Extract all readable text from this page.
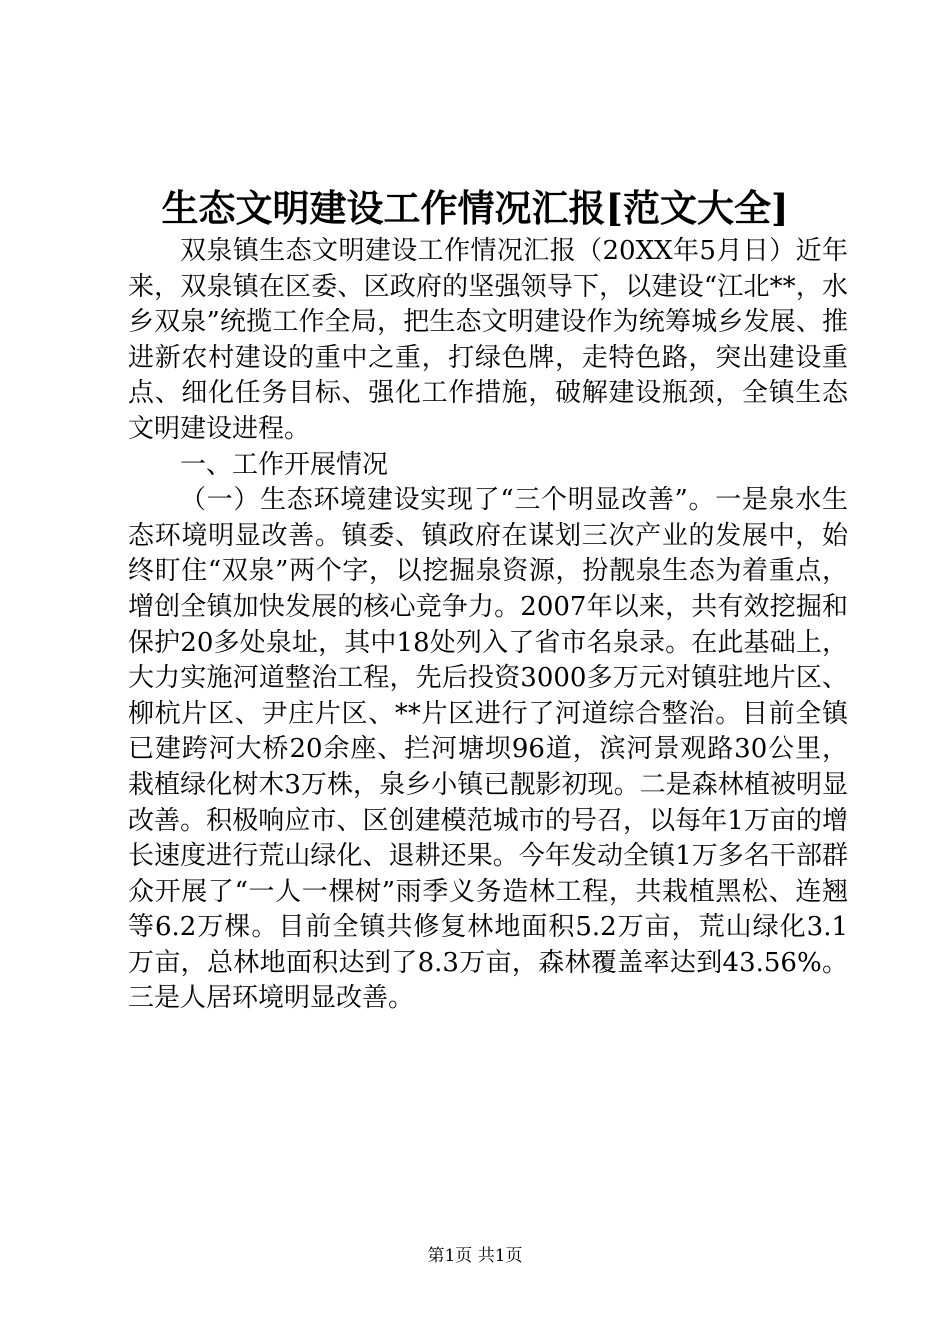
生态文明建设工作情况汇报[范文大全]

双泉镇生态文明建设工作情况汇报（20XX年5月日）近年来，双泉镇在区委、区政府的坚强领导下，以建设“江北**，水乡双泉”统揽工作全局，把生态文明建设作为统筹城乡发展、推进新农村建设的重中之重，打绿色牌，走特色路，突出建设重点、细化任务目标、强化工作措施，破解建设瓶颈，全镇生态文明建设进程。

一、工作开展情况

（一）生态环境建设实现了“三个明显改善”。一是泉水生态环境明显改善。镇委、镇政府在谋划三次产业的发展中，始终盯住“双泉”两个字，以挖掘泉资源，扮靓泉生态为着重点，增创全镇加快发展的核心竞争力。2007年以来，共有效挖掘和保护20多处泉址，其中18处列入了省市名泉录。在此基础上，大力实施河道整治工程，先后投资3000多万元对镇驻地片区、柳杭片区、尹庄片区、**片区进行了河道综合整治。目前全镇已建跨河大桥20余座、拦河塘坝96道，滨河景观路30公里，栽植绿化树木3万株，泉乡小镇已靓影初现。二是森林植被明显改善。积极响应市、区创建模范城市的号召，以每年1万亩的增长速度进行荒山绿化、退耕还果。今年发动全镇1万多名干部群众开展了“一人一棵树”雨季义务造林工程，共栽植黑松、连翘等6.2万棵。目前全镇共修复林地面积5.2万亩，荒山绿化3.1万亩，总林地面积达到了8.3万亩，森林覆盖率达到43.56%。三是人居环境明显改善。

第1页 共1页
